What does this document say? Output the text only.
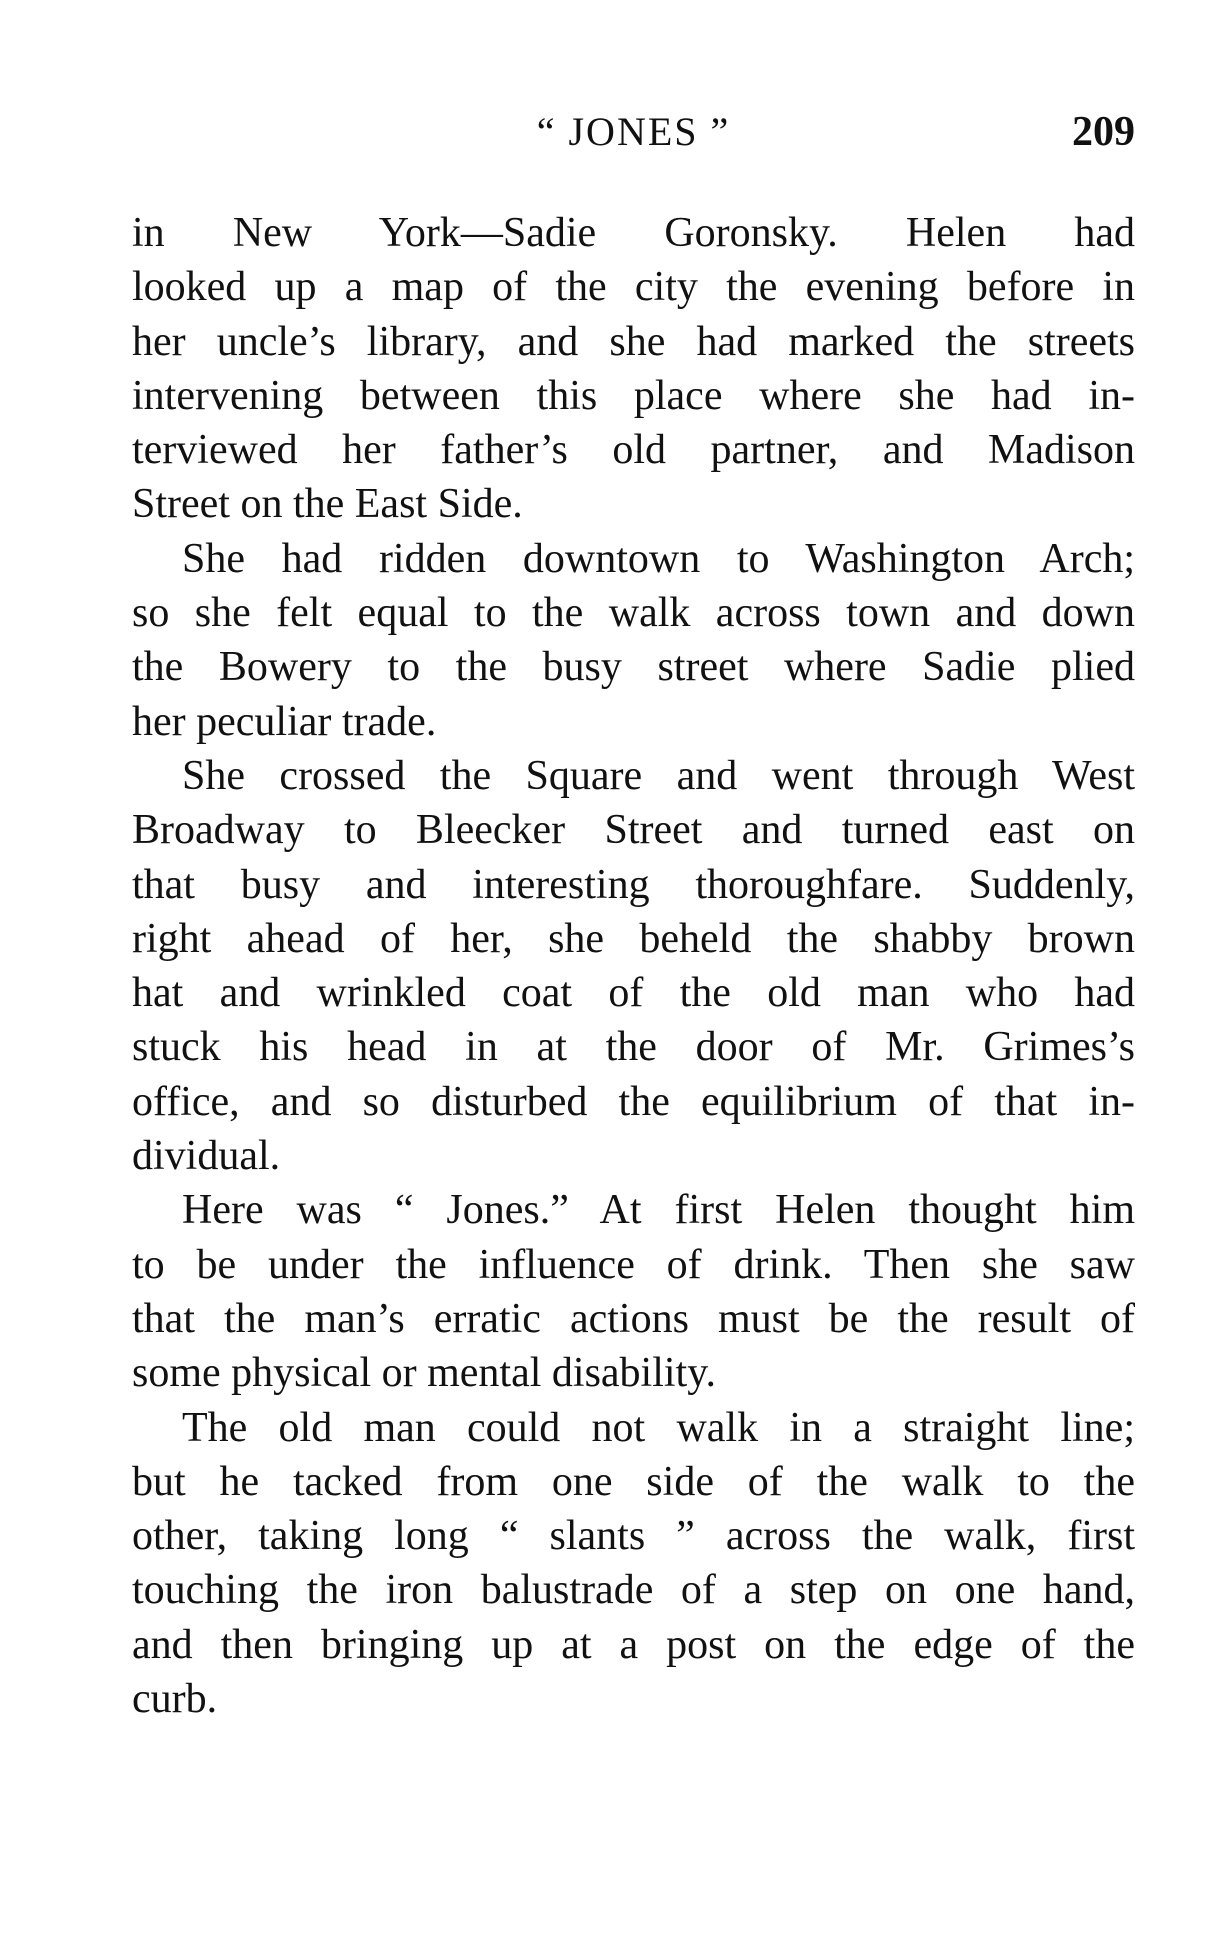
“ JONES ”	209
in New York—Sadie Goronsky. Helen had
looked up a map of the city the evening before in
her uncle’s library, and she had marked the streets
intervening between this place where she had in-
terviewed her father’s old partner, and Madison
Street on the East Side.
She had ridden downtown to Washington Arch;
so she felt equal to the walk across town and down
the Bowery to the busy street where Sadie plied
her peculiar trade.
She crossed the Square and went through West
Broadway to Bleecker Street and turned east on
that busy and interesting thoroughfare. Suddenly,
right ahead of her, she beheld the shabby brown
hat and wrinkled coat of the old man who had
stuck his head in at the door of Mr. Grimes’s
office, and so disturbed the equilibrium of that in-
dividual.
Here was “ Jones.” At first Helen thought him
to be under the influence of drink. Then she saw
that the man’s erratic actions must be the result of
some physical or mental disability.
The old man could not walk in a straight line;
but he tacked from one side of the walk to the
other, taking long “ slants ” across the walk, first
touching the iron balustrade of a step on one hand,
and then bringing up at a post on the edge of the
curb.
